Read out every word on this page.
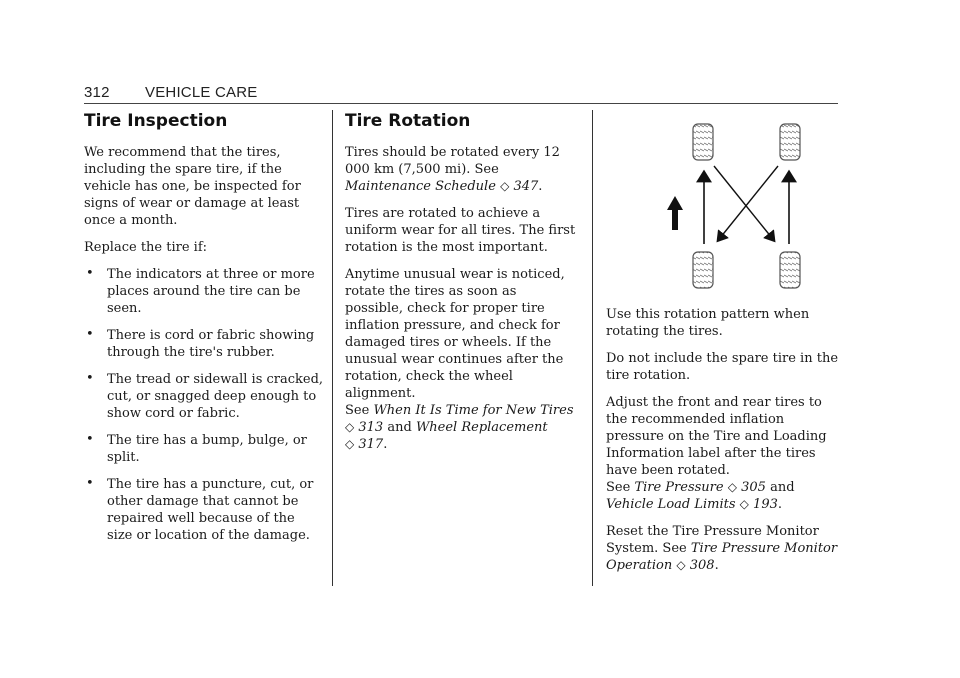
312 VEHICLE CARE
Tire Inspection

We recommend that the tires, including the spare tire, if the vehicle has one, be inspected for signs of wear or damage at least once a month.

Replace the tire if:

• The indicators at three or more places around the tire can be seen.
• There is cord or fabric showing through the tire's rubber.
• The tread or sidewall is cracked, cut, or snagged deep enough to show cord or fabric.
• The tire has a bump, bulge, or split.
• The tire has a puncture, cut, or other damage that cannot be repaired well because of the size or location of the damage.
Tire Rotation

Tires should be rotated every 12 000 km (7,500 mi). See Maintenance Schedule ◇ 347.

Tires are rotated to achieve a uniform wear for all tires. The first rotation is the most important.

Anytime unusual wear is noticed, rotate the tires as soon as possible, check for proper tire inflation pressure, and check for damaged tires or wheels. If the unusual wear continues after the rotation, check the wheel alignment.
See When It Is Time for New Tires
◇ 313 and Wheel Replacement
◇ 317.

Use this rotation pattern when rotating the tires.

Do not include the spare tire in the tire rotation.

Adjust the front and rear tires to the recommended inflation pressure on the Tire and Loading Information label after the tires have been rotated.
See Tire Pressure ◇ 305 and Vehicle Load Limits ◇ 193.

Reset the Tire Pressure Monitor System. See Tire Pressure Monitor Operation ◇ 308.
